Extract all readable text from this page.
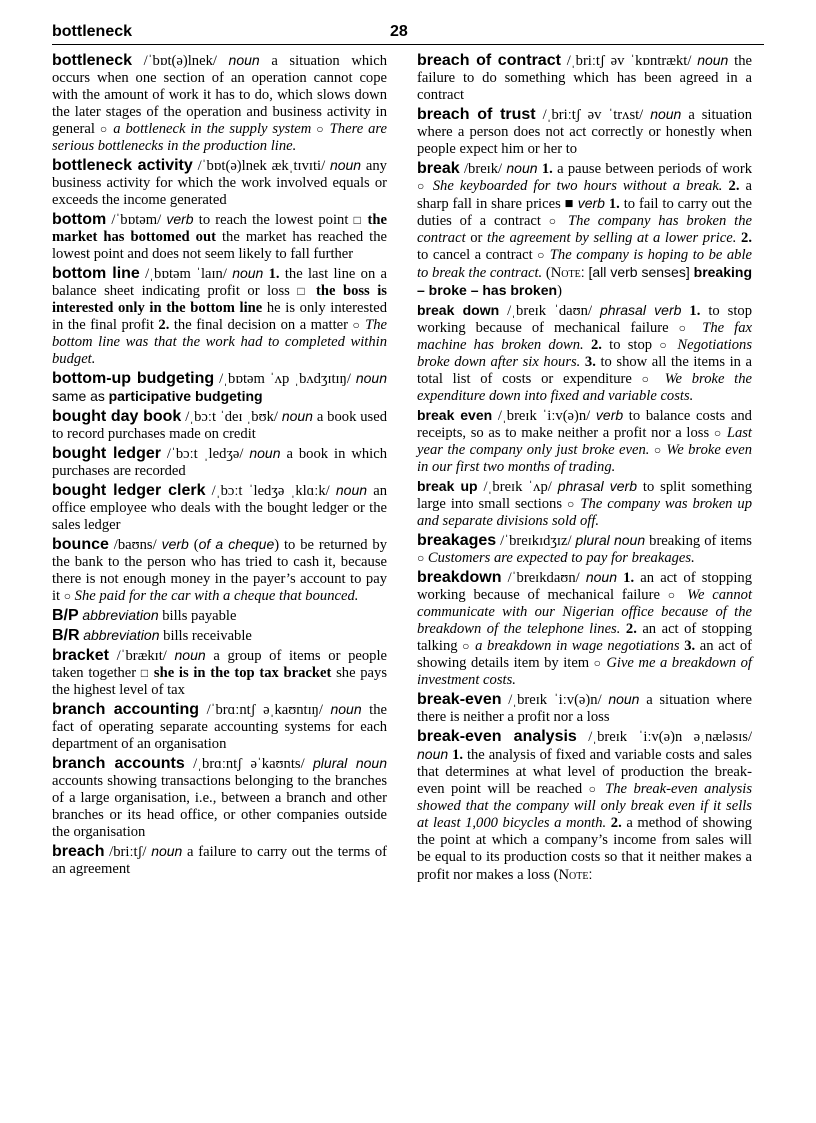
bottleneck	28

bottleneck /ˈbɒt(ə)lnek/ noun a situation which occurs when one section of an operation cannot cope with the amount of work it has to do, which slows down the later stages of the operation and business activity in general ○ a bottleneck in the supply system ○ There are serious bottlenecks in the production line.

bottleneck activity /ˈbɒt(ə)lnek ækˌtɪvɪti/ noun any business activity for which the work involved equals or exceeds the income generated

bottom /ˈbɒtəm/ verb to reach the lowest point □ the market has bottomed out the market has reached the lowest point and does not seem likely to fall further

bottom line /ˌbɒtəm ˈlaɪn/ noun 1. the last line on a balance sheet indicating profit or loss □ the boss is interested only in the bottom line he is only interested in the final profit 2. the final decision on a matter ○ The bottom line was that the work had to completed within budget.

bottom-up budgeting /ˌbɒtəm ˈʌp ˌbʌdʒɪtɪŋ/ noun same as participative budgeting

bought day book /ˌbɔːt ˈdeɪ ˌbʊk/ noun a book used to record purchases made on credit

bought ledger /ˈbɔːt ˌledʒə/ noun a book in which purchases are recorded

bought ledger clerk /ˌbɔːt ˈledʒə ˌklɑːk/ noun an office employee who deals with the bought ledger or the sales ledger

bounce /baʊns/ verb (of a cheque) to be returned by the bank to the person who has tried to cash it, because there is not enough money in the payer’s account to pay it ○ She paid for the car with a cheque that bounced.

B/P abbreviation bills payable

B/R abbreviation bills receivable

bracket /ˈbrækɪt/ noun a group of items or people taken together □ she is in the top tax bracket she pays the highest level of tax

branch accounting /ˈbrɑːntʃ əˌkaʊntɪŋ/ noun the fact of operating separate accounting systems for each department of an organisation

branch accounts /ˌbrɑːntʃ əˈkaʊnts/ plural noun accounts showing transactions belonging to the branches of a large organisation, i.e., between a branch and other branches or its head office, or other companies outside the organisation

breach /briːtʃ/ noun a failure to carry out the terms of an agreement

breach of contract /ˌbriːtʃ əv ˈkɒntrækt/ noun the failure to do something which has been agreed in a contract

breach of trust /ˌbriːtʃ əv ˈtrʌst/ noun a situation where a person does not act correctly or honestly when people expect him or her to

break /breɪk/ noun 1. a pause between periods of work ○ She keyboarded for two hours without a break. 2. a sharp fall in share prices ■ verb 1. to fail to carry out the duties of a contract ○ The company has broken the contract or the agreement by selling at a lower price. 2. to cancel a contract ○ The company is hoping to be able to break the contract. (Note: [all verb senses] breaking – broke – has broken)

break down /ˌbreɪk ˈdaʊn/ phrasal verb 1. to stop working because of mechanical failure ○ The fax machine has broken down. 2. to stop ○ Negotiations broke down after six hours. 3. to show all the items in a total list of costs or expenditure ○ We broke the expenditure down into fixed and variable costs.

break even /ˌbreɪk ˈiːv(ə)n/ verb to balance costs and receipts, so as to make neither a profit nor a loss ○ Last year the company only just broke even. ○ We broke even in our first two months of trading.

break up /ˌbreɪk ˈʌp/ phrasal verb to split something large into small sections ○ The company was broken up and separate divisions sold off.

breakages /ˈbreɪkɪdʒɪz/ plural noun breaking of items ○ Customers are expected to pay for breakages.

breakdown /ˈbreɪkdaʊn/ noun 1. an act of stopping working because of mechanical failure ○ We cannot communicate with our Nigerian office because of the breakdown of the telephone lines. 2. an act of stopping talking ○ a breakdown in wage negotiations 3. an act of showing details item by item ○ Give me a breakdown of investment costs.

break-even /ˌbreɪk ˈiːv(ə)n/ noun a situation where there is neither a profit nor a loss

break-even analysis /ˌbreɪk ˈiːv(ə)n əˌnæləsɪs/ noun 1. the analysis of fixed and variable costs and sales that determines at what level of production the break-even point will be reached ○ The break-even analysis showed that the company will only break even if it sells at least 1,000 bicycles a month. 2. a method of showing the point at which a company’s income from sales will be equal to its production costs so that it neither makes a profit nor makes a loss (Note:
